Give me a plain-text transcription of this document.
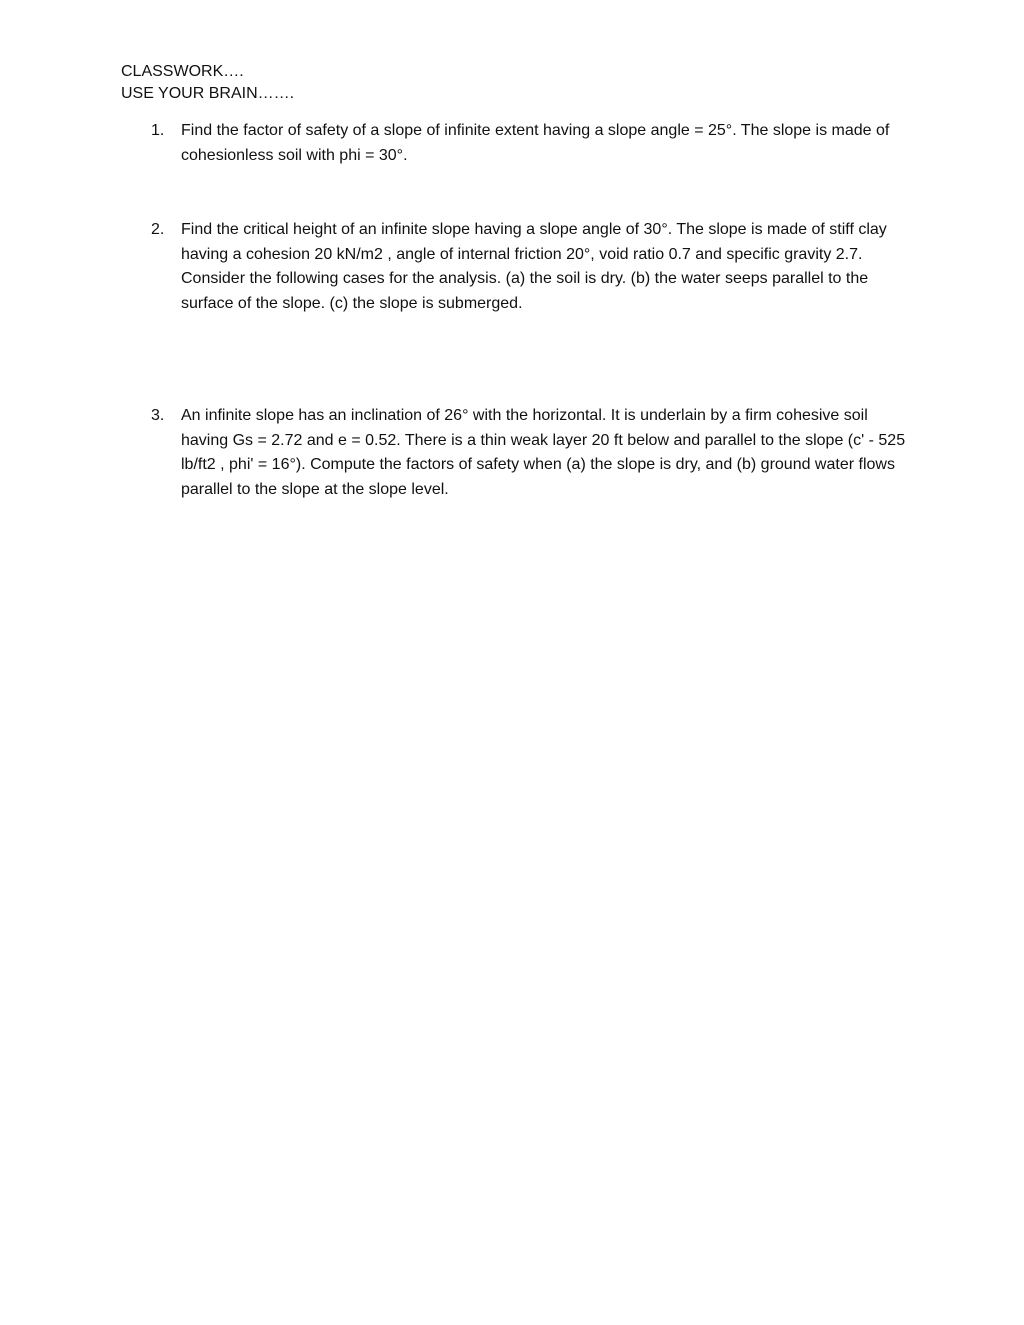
CLASSWORK….
USE YOUR BRAIN…….
1.	Find the factor of safety of a slope of infinite extent having a slope angle = 25°. The slope is made of cohesionless soil with phi = 30°.
2.	Find the critical height of an infinite slope having a slope angle of 30°. The slope is made of stiff clay having a cohesion 20 kN/m2 , angle of internal friction 20°, void ratio 0.7 and specific gravity 2.7. Consider the following cases for the analysis. (a) the soil is dry. (b) the water seeps parallel to the surface of the slope. (c) the slope is submerged.
3.	An infinite slope has an inclination of 26° with the horizontal. It is underlain by a firm cohesive soil having Gs = 2.72 and e = 0.52. There is a thin weak layer 20 ft below and parallel to the slope (c' - 525 lb/ft2 , phi' = 16°). Compute the factors of safety when (a) the slope is dry, and (b) ground water flows parallel to the slope at the slope level.
